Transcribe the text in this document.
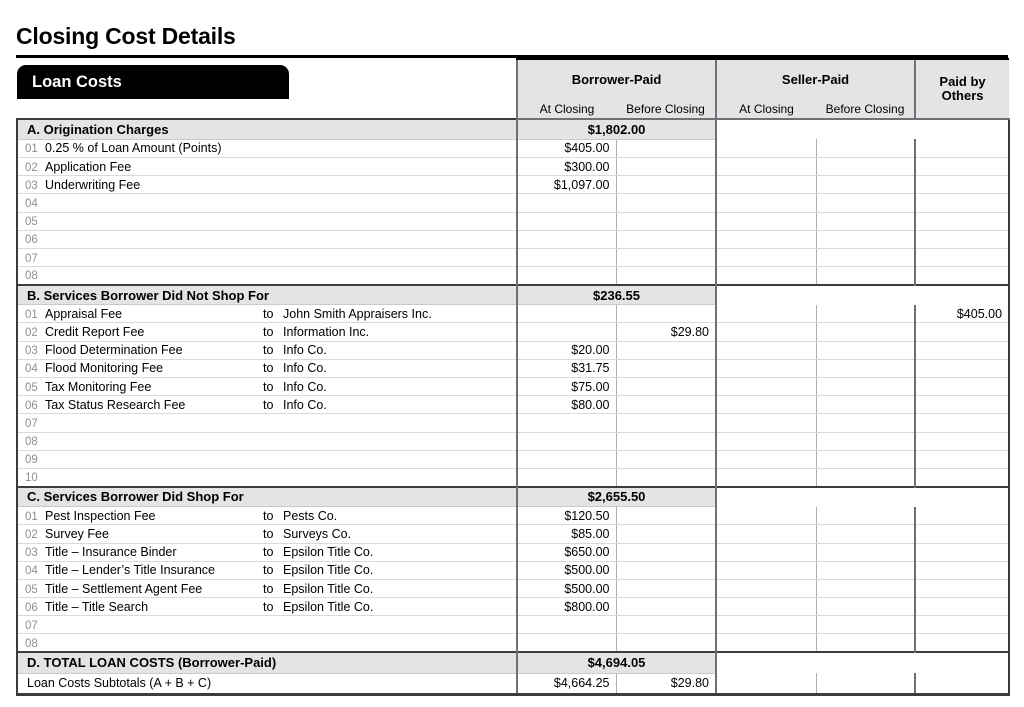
Closing Cost Details
Loan Costs	Borrower-Paid		Seller-Paid		Paid by
Others

	At Closing	Before Closing	At Closing	Before Closing	
A. Origination Charges	$1,802.00				
01 0.25 % of Loan Amount (Points)	$405.00				
02 Application Fee	$300.00				
03 Underwriting Fee	$1,097.00				
04					
05					
06					
07					
08					
B. Services Borrower Did Not Shop For	$236.55				
01 Appraisal Fee to John Smith Appraisers Inc.					$405.00
02 Credit Report Fee to Information Inc.		$29.80			
03 Flood Determination Fee to Info Co.	$20.00				
04 Flood Monitoring Fee to Info Co.	$31.75				
05 Tax Monitoring Fee to Info Co.	$75.00				
06 Tax Status Research Fee to Info Co.	$80.00				
07					
08					
09					
10					
C. Services Borrower Did Shop For	$2,655.50				
01 Pest Inspection Fee to Pests Co.	$120.50				
02 Survey Fee to Surveys Co.	$85.00				
03 Title – Insurance Binder to Epsilon Title Co.	$650.00				
04 Title – Lender’s Title Insurance to Epsilon Title Co.	$500.00				
05 Title – Settlement Agent Fee to Epsilon Title Co.	$500.00				
06 Title – Title Search to Epsilon Title Co.	$800.00				
07					
08					
D. TOTAL LOAN COSTS (Borrower-Paid)	$4,694.05				
Loan Costs Subtotals (A + B + C)	$4,664.25	$29.80			
